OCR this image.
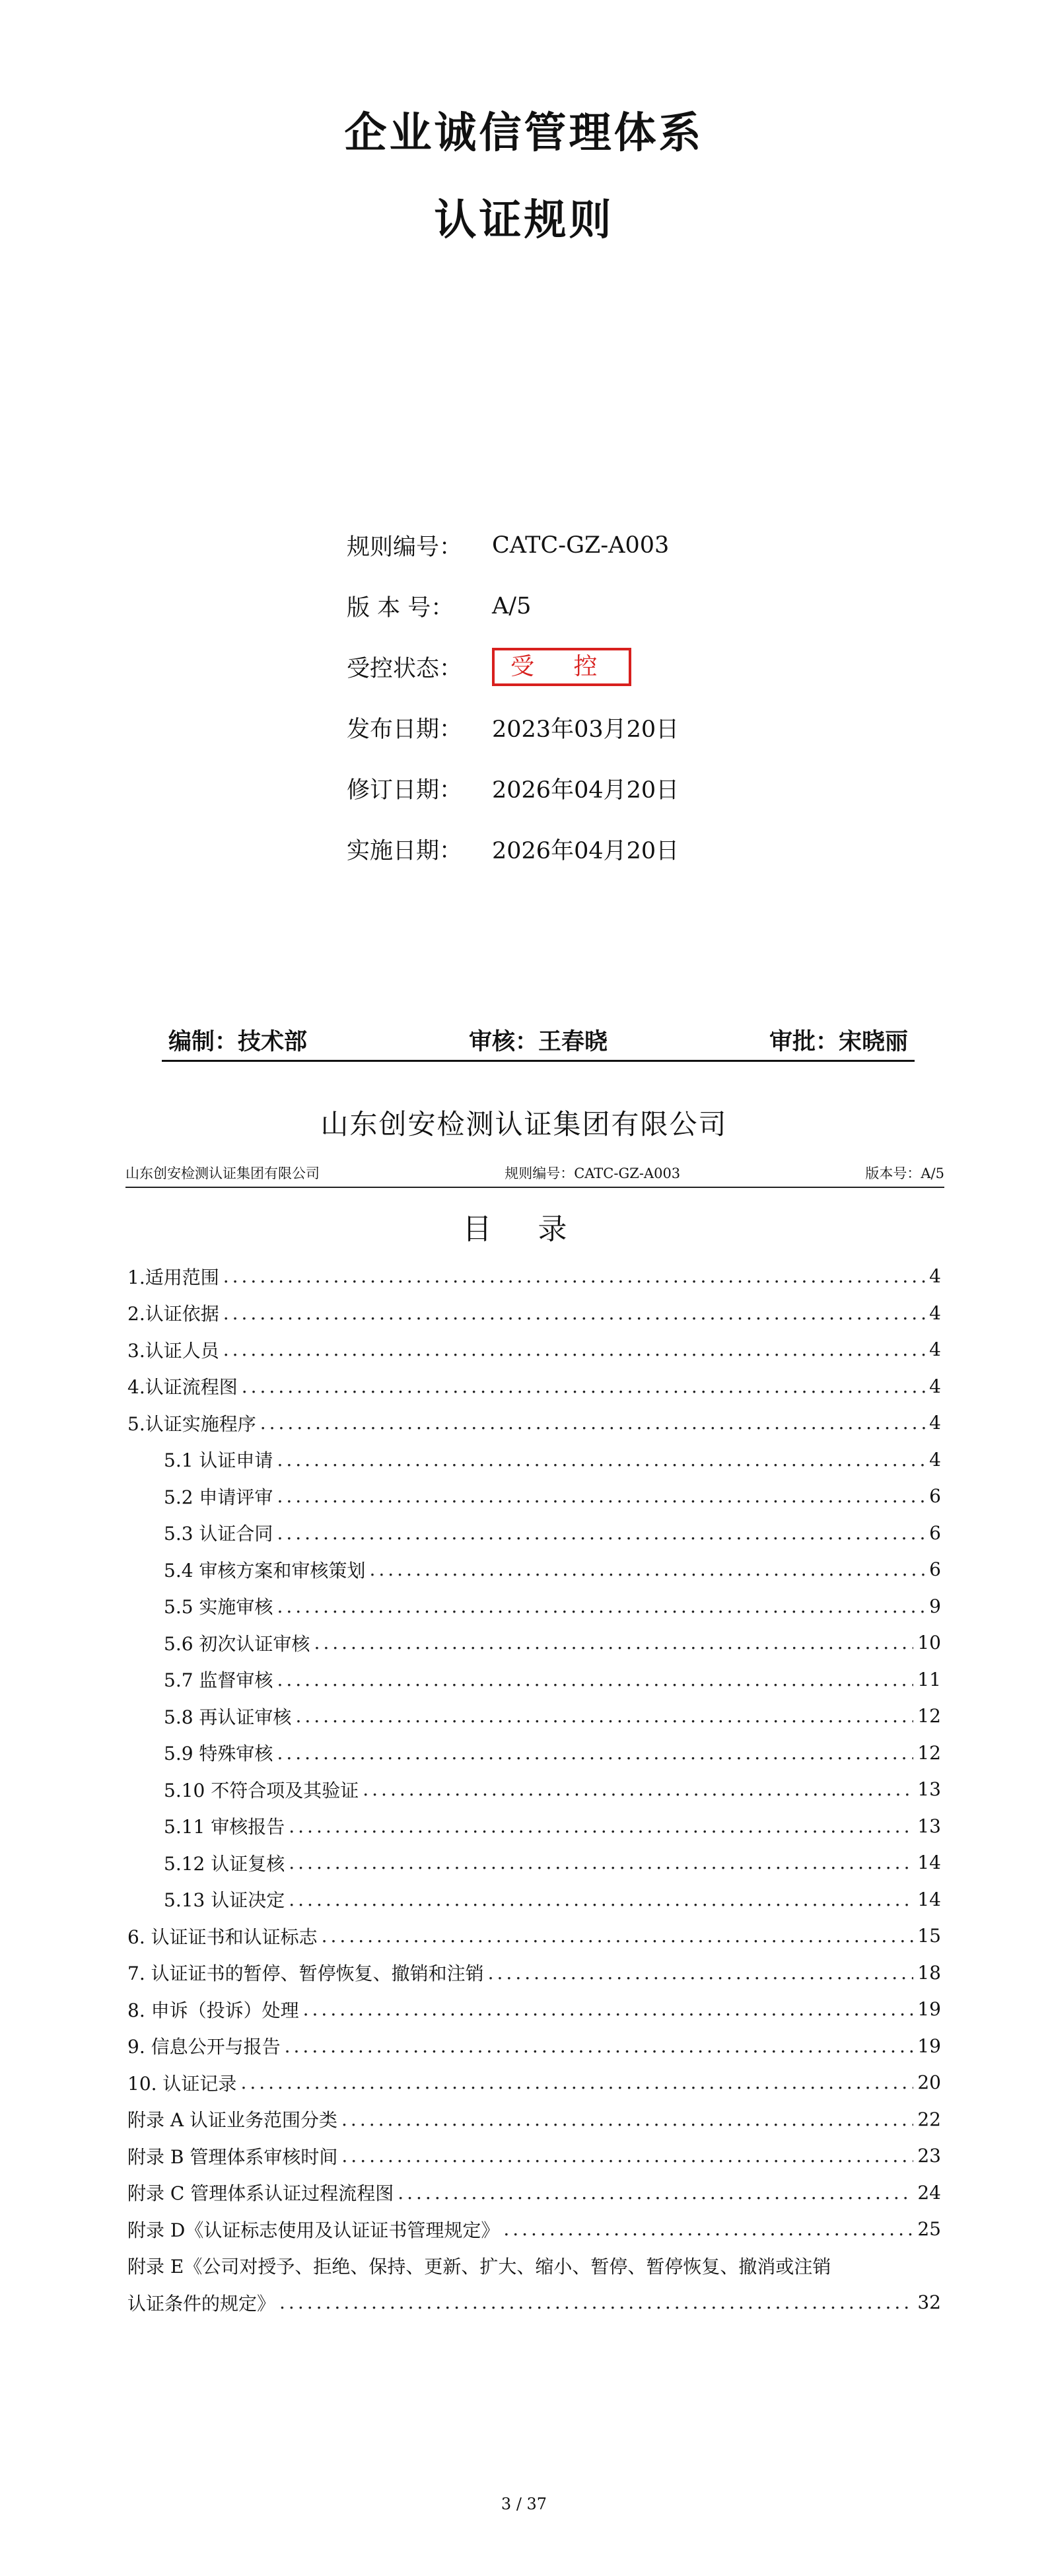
企业诚信管理体系
认证规则
规则编号：	CATC-GZ-A003
版 本 号：	A/5
受控状态：	受 控
发布日期：	2023年03月20日
修订日期：	2026年04月20日
实施日期：	2026年04月20日
编制：技术部	审核：王春晓	审批：宋晓丽
山东创安检测认证集团有限公司
山东创安检测认证集团有限公司	规则编号：CATC-GZ-A003	版本号：A/5
目 录
1.适用范围 .....	4
2.认证依据 .....	4
3.认证人员 .....	4
4.认证流程图 .....	4
5.认证实施程序 .....	4
5.1 认证申请 .....	4
5.2 申请评审 .....	6
5.3 认证合同 .....	6
5.4 审核方案和审核策划 .....	6
5.5 实施审核 .....	9
5.6 初次认证审核 .....	10
5.7 监督审核 .....	11
5.8 再认证审核 .....	12
5.9 特殊审核 .....	12
5.10 不符合项及其验证 .....	13
5.11 审核报告 .....	13
5.12 认证复核 .....	14
5.13 认证决定 .....	14
6. 认证证书和认证标志 .....	15
7. 认证证书的暂停、暂停恢复、撤销和注销 .....	18
8. 申诉（投诉）处理 .....	19
9. 信息公开与报告 .....	19
10. 认证记录 .....	20
附录 A 认证业务范围分类 .....	22
附录 B 管理体系审核时间 .....	23
附录 C 管理体系认证过程流程图 .....	24
附录 D《认证标志使用及认证证书管理规定》 .....	25
附录 E《公司对授予、拒绝、保持、更新、扩大、缩小、暂停、暂停恢复、撤消或注销
认证条件的规定》 .....	32
3 / 37
